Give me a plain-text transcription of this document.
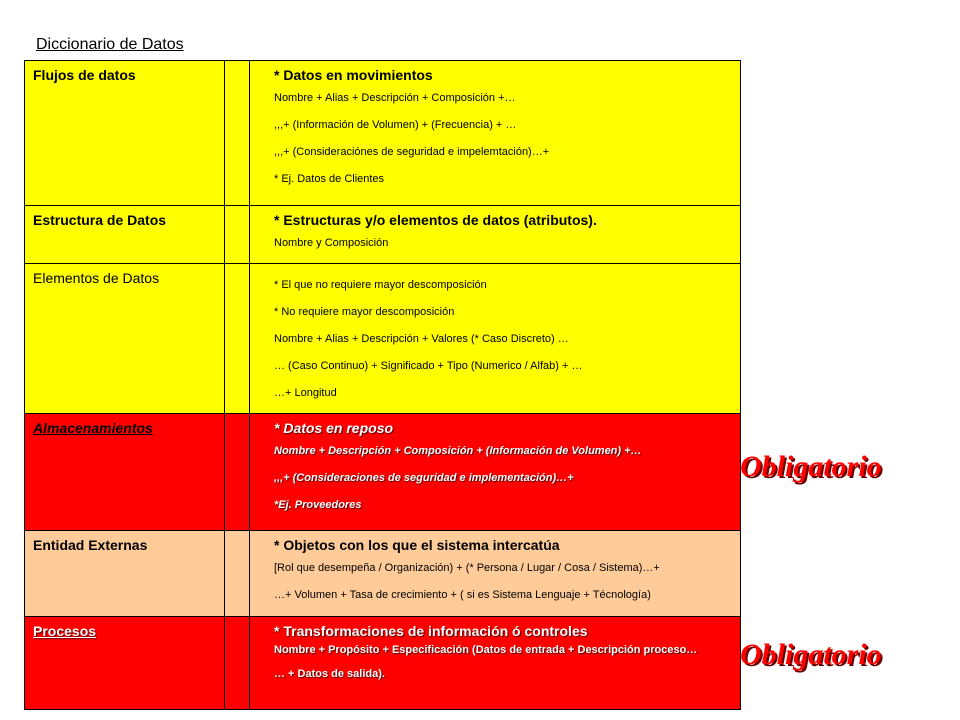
Diccionario de Datos
Flujos de datos		* Datos en movimientos
Nombre + Alias + Descripción + Composición +…
,,,+ (Información de Volumen) + (Frecuencia) + …
,,,+ (Consideraciónes de seguridad e impelemtación)…+
* Ej. Datos de Clientes

Estructura de Datos		* Estructuras y/o elementos de datos (atributos).
Nombre y Composición

Elementos de Datos		* El que no requiere mayor descomposición
* No requiere mayor descomposición
Nombre + Alias + Descripción + Valores (* Caso Discreto) …
… (Caso Continuo) + Significado + Tipo (Numerico / Alfab) + …
…+ Longitud

Almacenamientos		* Datos en reposo
Nombre + Descripción + Composición + (Información de Volumen) +…
,,,+ (Consideraciones de seguridad e implementación)…+
*Ej. Proveedores

Entidad Externas		* Objetos con los que el sistema intercatúa
[Rol que desempeña / Organización) + (* Persona / Lugar / Cosa / Sistema)…+
…+ Volumen + Tasa de crecimiento + ( si es Sistema Lenguaje + Técnología)

Procesos		* Transformaciones de información ó controles
Nombre + Propósito + Especificación (Datos de entrada + Descripción proceso…
… + Datos de salida).
Obligatorio
Obligatorio
